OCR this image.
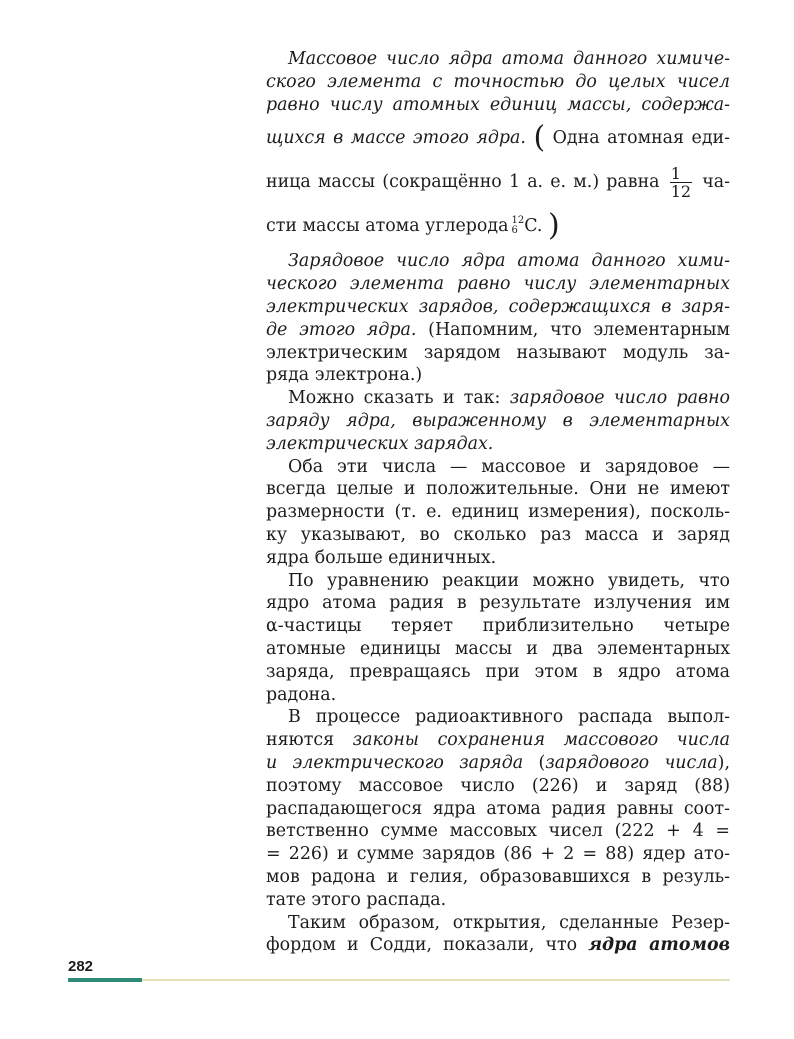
Массовое число ядра атома данного химиче-

ского элемента с точностью до целых чисел

равно числу атомных единиц массы, содержа-

щихся в массе этого ядра. ( Одна атомная еди-

ница массы (сокращённо 1 а. е. м.) равна $\frac{1}{12} ча-$

сти массы атома углерода 12
6 C. )

Зарядовое число ядра атома данного хими-

ческого элемента равно числу элементарных

электрических зарядов, содержащихся в заря-

де этого ядра. (Напомним, что элементарным

электрическим зарядом называют модуль за-

ряда электрона.)

Можно сказать и так: зарядовое число равно

заряду ядра, выраженному в элементарных

электрических зарядах.

Оба эти числа — массовое и зарядовое —

всегда целые и положительные. Они не имеют

размерности (т. е. единиц измерения), посколь-

ку указывают, во сколько раз масса и заряд

ядра больше единичных.

По уравнению реакции можно увидеть, что

ядро атома радия в результате излучения им

α-частицы теряет приблизительно четыре

атомные единицы массы и два элементарных

заряда, превращаясь при этом в ядро атома

радона.

В процессе радиоактивного распада выпол-

няются законы сохранения массового числа

и электрического заряда (зарядового числа),

поэтому массовое число (226) и заряд (88)

распадающегося ядра атома радия равны соот-

ветственно сумме массовых чисел (222 + 4 =

= 226) и сумме зарядов (86 + 2 = 88) ядер ато-

мов радона и гелия, образовавшихся в резуль-

тате этого распада.

Таким образом, открытия, сделанные Резер-

фордом и Содди, показали, что ядра атомов

282
